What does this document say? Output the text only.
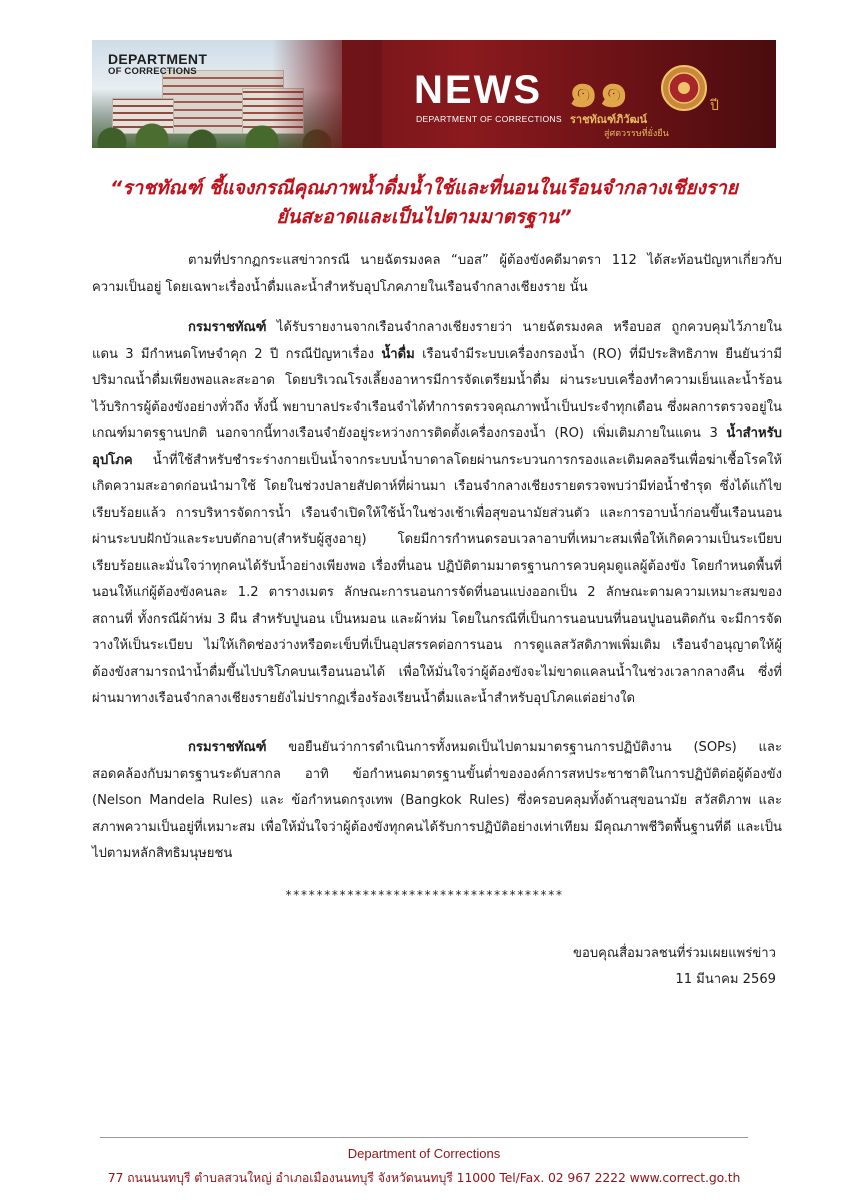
DEPARTMENT
OF CORRECTIONS	NEWS
DEPARTMENT OF CORRECTIONS
๑๑	ปี
ราชทัณฑ์ภิวัฒน์
สู่ศตวรรษที่ยั่งยืน
“ราชทัณฑ์ ชี้แจงกรณีคุณภาพน้ำดื่มน้ำใช้และที่นอนในเรือนจำกลางเชียงราย
ยันสะอาดและเป็นไปตามมาตรฐาน”
ตามที่ปรากฏกระแสข่าวกรณี นายฉัตรมงคล “บอส” ผู้ต้องขังคดีมาตรา 112 ได้สะท้อนปัญหาเกี่ยวกับความเป็นอยู่ โดยเฉพาะเรื่องน้ำดื่มและน้ำสำหรับอุปโภคภายในเรือนจำกลางเชียงราย นั้น
กรมราชทัณฑ์ ได้รับรายงานจากเรือนจำกลางเชียงรายว่า นายฉัตรมงคล หรือบอส ถูกควบคุมไว้ภายในแดน 3 มีกำหนดโทษจำคุก 2 ปี กรณีปัญหาเรื่อง น้ำดื่ม เรือนจำมีระบบเครื่องกรองน้ำ (RO) ที่มีประสิทธิภาพ ยืนยันว่ามีปริมาณน้ำดื่มเพียงพอและสะอาด โดยบริเวณโรงเลี้ยงอาหารมีการจัดเตรียมน้ำดื่ม ผ่านระบบเครื่องทำความเย็นและน้ำร้อนไว้บริการผู้ต้องขังอย่างทั่วถึง ทั้งนี้ พยาบาลประจำเรือนจำได้ทำการตรวจคุณภาพน้ำเป็นประจำทุกเดือน ซึ่งผลการตรวจอยู่ในเกณฑ์มาตรฐานปกติ นอกจากนี้ทางเรือนจำยังอยู่ระหว่างการติดตั้งเครื่องกรองน้ำ (RO) เพิ่มเติมภายในแดน 3 น้ำสำหรับอุปโภค น้ำที่ใช้สำหรับชำระร่างกายเป็นน้ำจากระบบน้ำบาดาลโดยผ่านกระบวนการกรองและเติมคลอรีนเพื่อฆ่าเชื้อโรคให้เกิดความสะอาดก่อนนำมาใช้ โดยในช่วงปลายสัปดาห์ที่ผ่านมา เรือนจำกลางเชียงรายตรวจพบว่ามีท่อน้ำชำรุด ซึ่งได้แก้ไขเรียบร้อยแล้ว การบริหารจัดการน้ำ เรือนจำเปิดให้ใช้น้ำในช่วงเช้าเพื่อสุขอนามัยส่วนตัว และการอาบน้ำก่อนขึ้นเรือนนอนผ่านระบบฝักบัวและระบบตักอาบ(สำหรับผู้สูงอายุ) โดยมีการกำหนดรอบเวลาอาบที่เหมาะสมเพื่อให้เกิดความเป็นระเบียบเรียบร้อยและมั่นใจว่าทุกคนได้รับน้ำอย่างเพียงพอ เรื่องที่นอน ปฏิบัติตามมาตรฐานการควบคุมดูแลผู้ต้องขัง โดยกำหนดพื้นที่นอนให้แก่ผู้ต้องขังคนละ 1.2 ตารางเมตร ลักษณะการนอนการจัดที่นอนแบ่งออกเป็น 2 ลักษณะตามความเหมาะสมของสถานที่ ทั้งกรณีผ้าห่ม 3 ผืน สำหรับปูนอน เป็นหมอน และผ้าห่ม โดยในกรณีที่เป็นการนอนบนที่นอนปูนอนติดกัน จะมีการจัดวางให้เป็นระเบียบ ไม่ให้เกิดช่องว่างหรือตะเข็บที่เป็นอุปสรรคต่อการนอน การดูแลสวัสดิภาพเพิ่มเติม เรือนจำอนุญาตให้ผู้ต้องขังสามารถนำน้ำดื่มขึ้นไปบริโภคบนเรือนนอนได้ เพื่อให้มั่นใจว่าผู้ต้องขังจะไม่ขาดแคลนน้ำในช่วงเวลากลางคืน ซึ่งที่ผ่านมาทางเรือนจำกลางเชียงรายยังไม่ปรากฏเรื่องร้องเรียนน้ำดื่มและน้ำสำหรับอุปโภคแต่อย่างใด
กรมราชทัณฑ์ ขอยืนยันว่าการดำเนินการทั้งหมดเป็นไปตามมาตรฐานการปฏิบัติงาน (SOPs) และสอดคล้องกับมาตรฐานระดับสากล อาทิ ข้อกำหนดมาตรฐานขั้นต่ำขององค์การสหประชาชาติในการปฏิบัติต่อผู้ต้องขัง (Nelson Mandela Rules) และ ข้อกำหนดกรุงเทพ (Bangkok Rules) ซึ่งครอบคลุมทั้งด้านสุขอนามัย สวัสดิภาพ และสภาพความเป็นอยู่ที่เหมาะสม เพื่อให้มั่นใจว่าผู้ต้องขังทุกคนได้รับการปฏิบัติอย่างเท่าเทียม มีคุณภาพชีวิตพื้นฐานที่ดี และเป็นไปตามหลักสิทธิมนุษยชน
************************************
ขอบคุณสื่อมวลชนที่ร่วมเผยแพร่ข่าว
11 มีนาคม 2569
Department of Corrections
77 ถนนนนทบุรี ตำบลสวนใหญ่ อำเภอเมืองนนทบุรี จังหวัดนนทบุรี 11000 Tel/Fax. 02 967 2222 www.correct.go.th
